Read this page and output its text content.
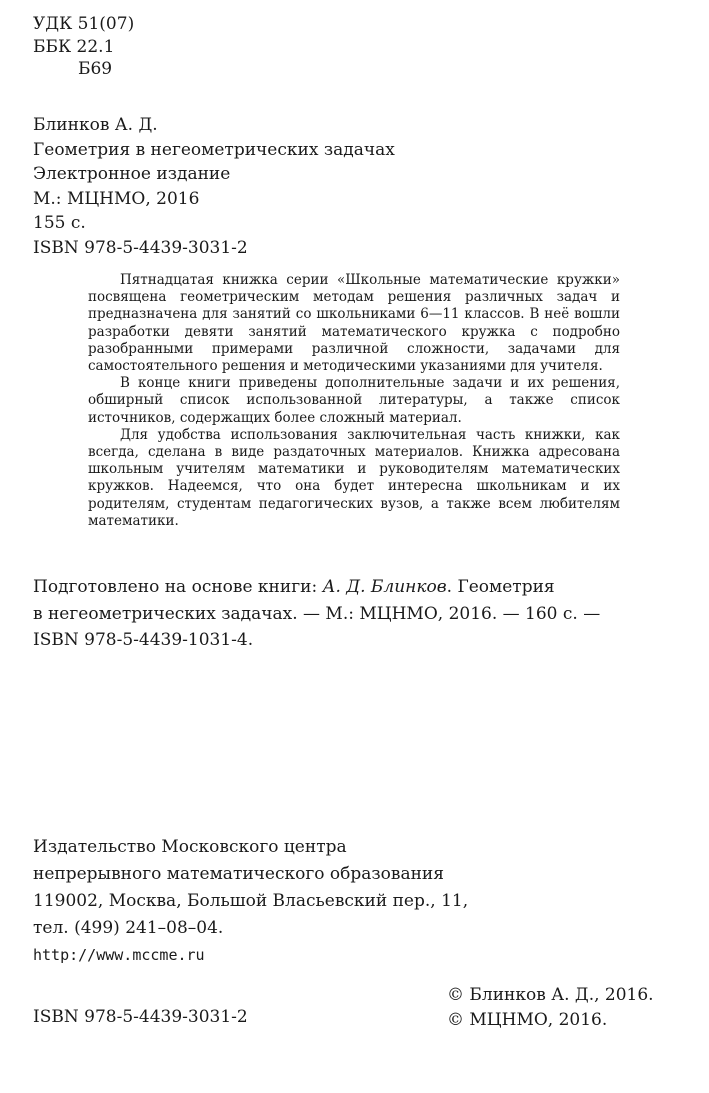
УДК 51(07)
ББК 22.1
Б69
Блинков А. Д.
Геометрия в негеометрических задачах
Электронное издание
М.: МЦНМО, 2016
155 с.
ISBN 978-5-4439-3031-2

Пятнадцатая книжка серии «Школьные математические кружки» посвящена геометрическим методам решения различных задач и предназначена для занятий со школьниками 6—11 классов. В неё вошли разработки девяти занятий математического кружка с подробно разобранными примерами различной сложности, задачами для самостоятельного решения и методическими указаниями для учителя.

В конце книги приведены дополнительные задачи и их решения, обширный список использованной литературы, а также список источников, содержащих более сложный материал.

Для удобства использования заключительная часть книжки, как всегда, сделана в виде раздаточных материалов. Книжка адресована школьным учителям математики и руководителям математических кружков. Надеемся, что она будет интересна школьникам и их родителям, студентам педагогических вузов, а также всем любителям математики.

Подготовлено на основе книги: А. Д. Блинков. Геометрия
в негеометрических задачах. — М.: МЦНМО, 2016. — 160 с. —
ISBN 978-5-4439-1031-4.
Издательство Московского центра
непрерывного математического образования
119002, Москва, Большой Власьевский пер., 11,
тел. (499) 241–08–04.
http://www.mccme.ru
ISBN 978-5-4439-3031-2
© Блинков А. Д., 2016.
© МЦНМО, 2016.
